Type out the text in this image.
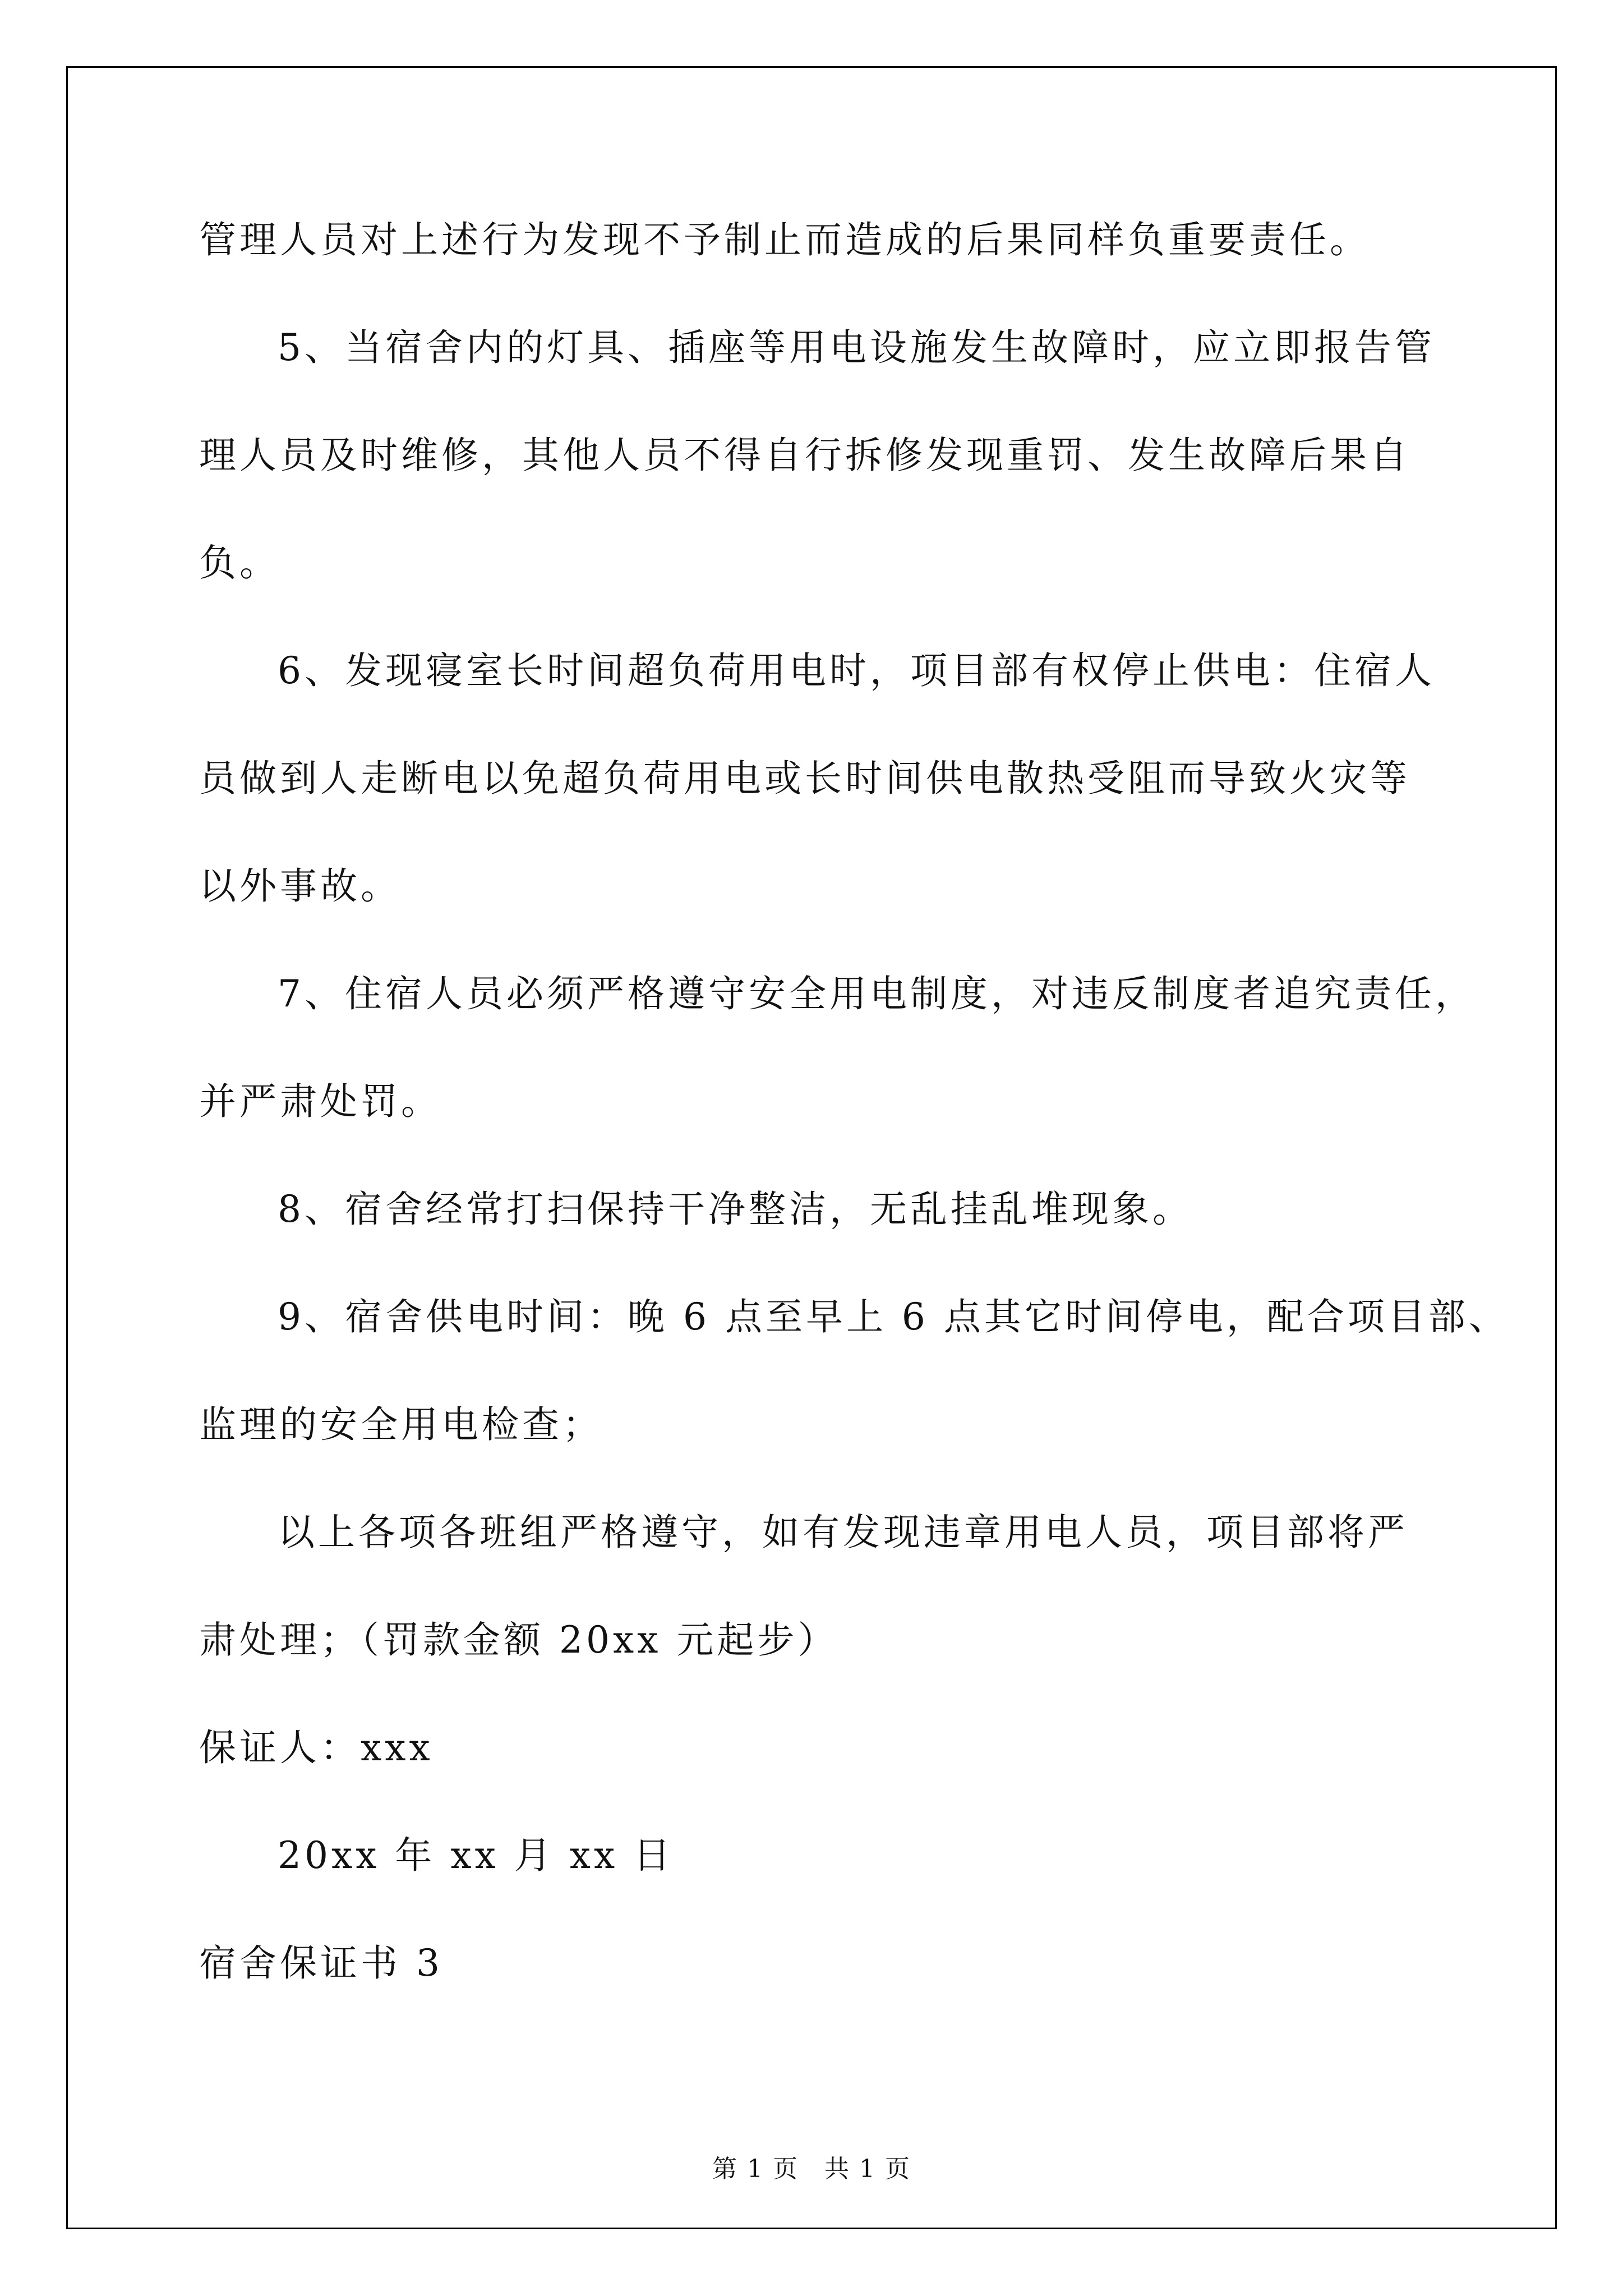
管理人员对上述行为发现不予制止而造成的后果同样负重要责任。

5、当宿舍内的灯具、插座等用电设施发生故障时，应立即报告管

理人员及时维修，其他人员不得自行拆修发现重罚、发生故障后果自

负。

6、发现寝室长时间超负荷用电时，项目部有权停止供电：住宿人

员做到人走断电以免超负荷用电或长时间供电散热受阻而导致火灾等

以外事故。

7、住宿人员必须严格遵守安全用电制度，对违反制度者追究责任，

并严肃处罚。

8、宿舍经常打扫保持干净整洁，无乱挂乱堆现象。

9、宿舍供电时间：晚 6 点至早上 6 点其它时间停电，配合项目部、

监理的安全用电检查；

以上各项各班组严格遵守，如有发现违章用电人员，项目部将严

肃处理；（罚款金额 20xx 元起步）

保证人：xxx

20xx 年 xx 月 xx 日

宿舍保证书 3

第 1 页　共 1 页
